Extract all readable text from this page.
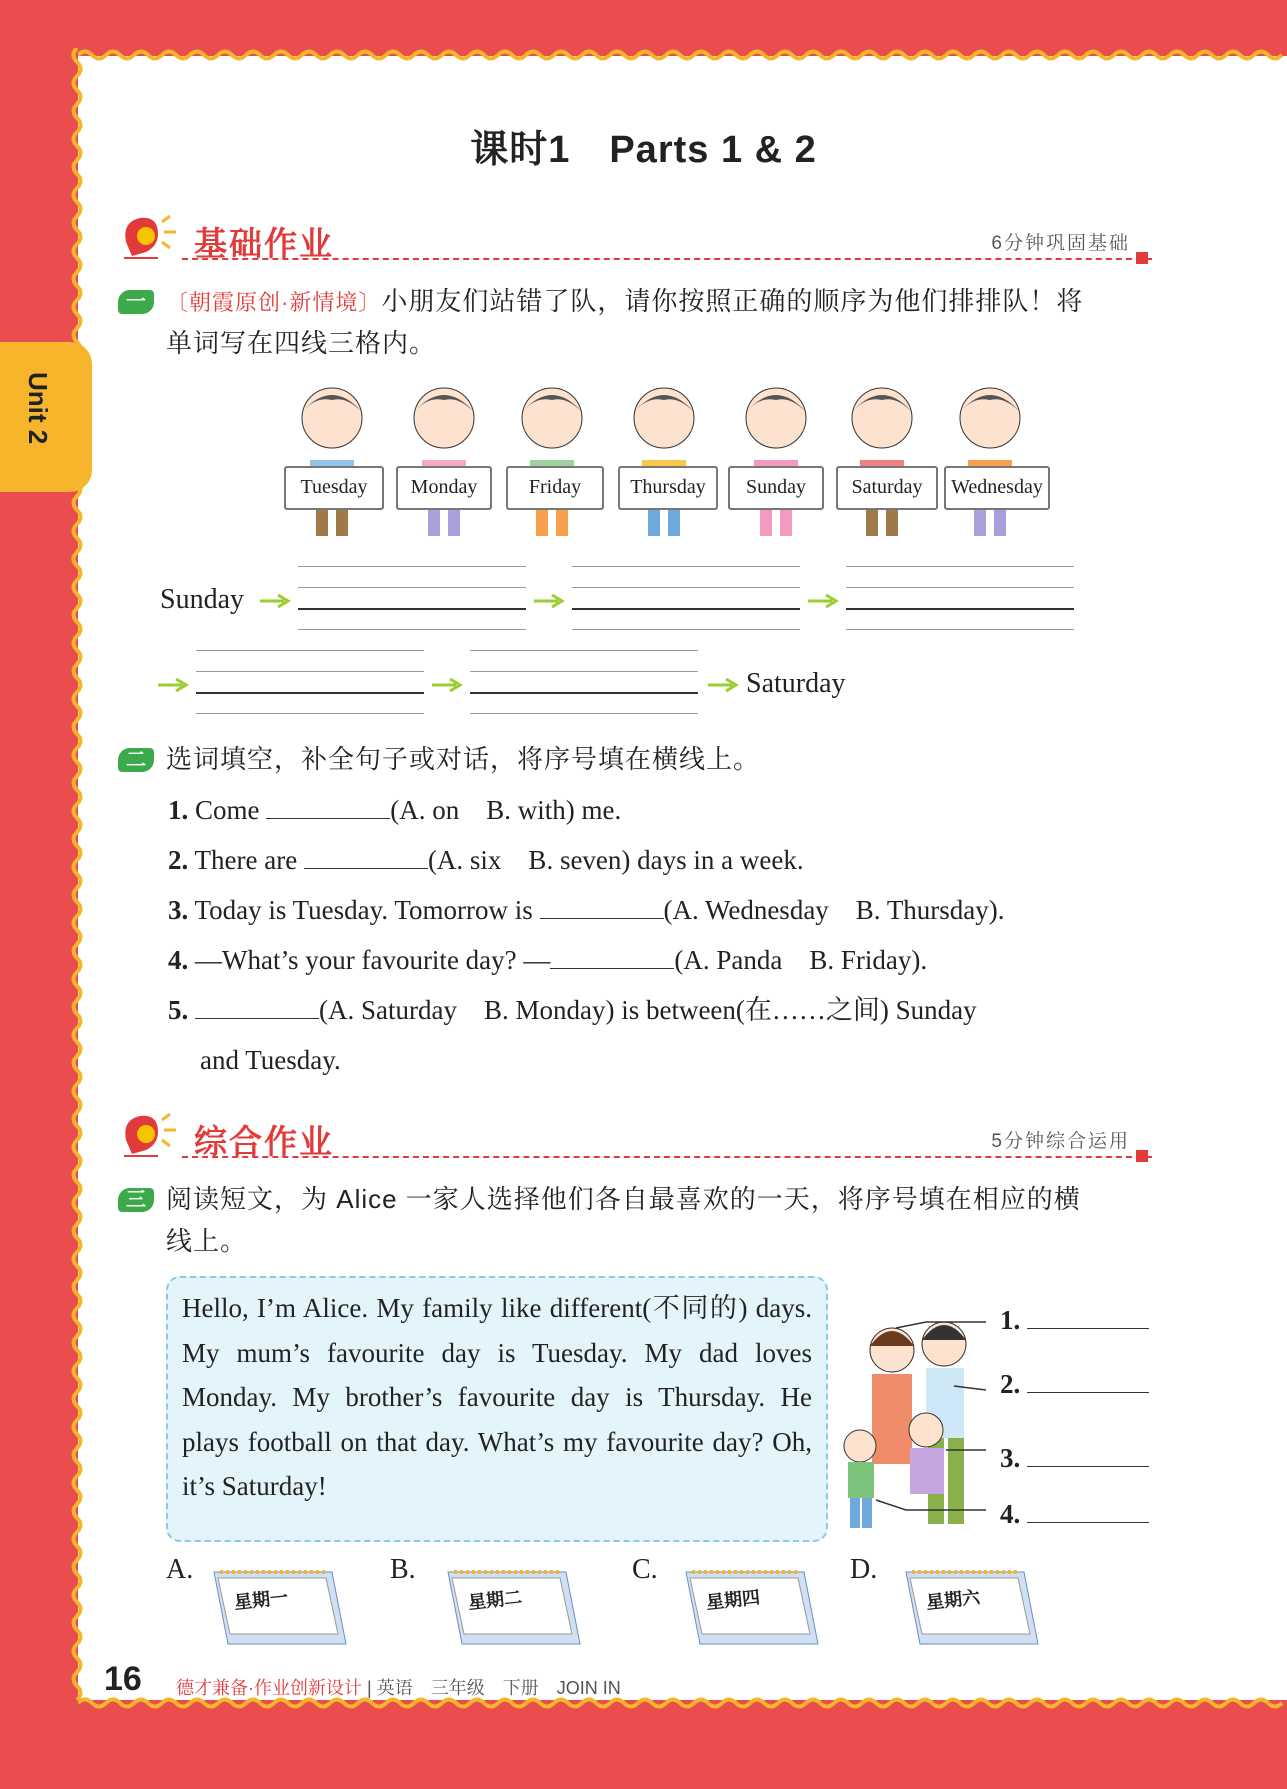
Unit 2
课时1　Parts 1 & 2
基础作业	6分钟巩固基础
一 〔朝霞原创·新情境〕小朋友们站错了队，请你按照正确的顺序为他们排排队！将
单词写在四线三格内。
Tuesday	Monday	Friday	Thursday	Sunday	Saturday	Wednesday
Sunday
Saturday
二 选词填空，补全句子或对话，将序号填在横线上。
1. Come	(A. on　B. with) me.
2. There are	(A. six　B. seven) days in a week.
3. Today is Tuesday. Tomorrow is	(A. Wednesday　B. Thursday).
4. —What’s your favourite day? —	(A. Panda　B. Friday).
5.	(A. Saturday　B. Monday) is between(在……之间) Sunday
and Tuesday.
综合作业	5分钟综合运用
三 阅读短文，为 Alice 一家人选择他们各自最喜欢的一天，将序号填在相应的横
线上。

Hello, I’m Alice. My family like different(不同的) days. My mum’s favourite day is Tuesday. My dad loves Monday. My brother’s favourite day is Thursday. He plays football on that day. What’s my favourite day? Oh, it’s Saturday!

1.
2.
3.
4.
A.
星期一
B.
星期二
C.
星期四
D.
星期六
16 德才兼备·作业创新设计 | 英语　三年级　下册　JOIN IN
